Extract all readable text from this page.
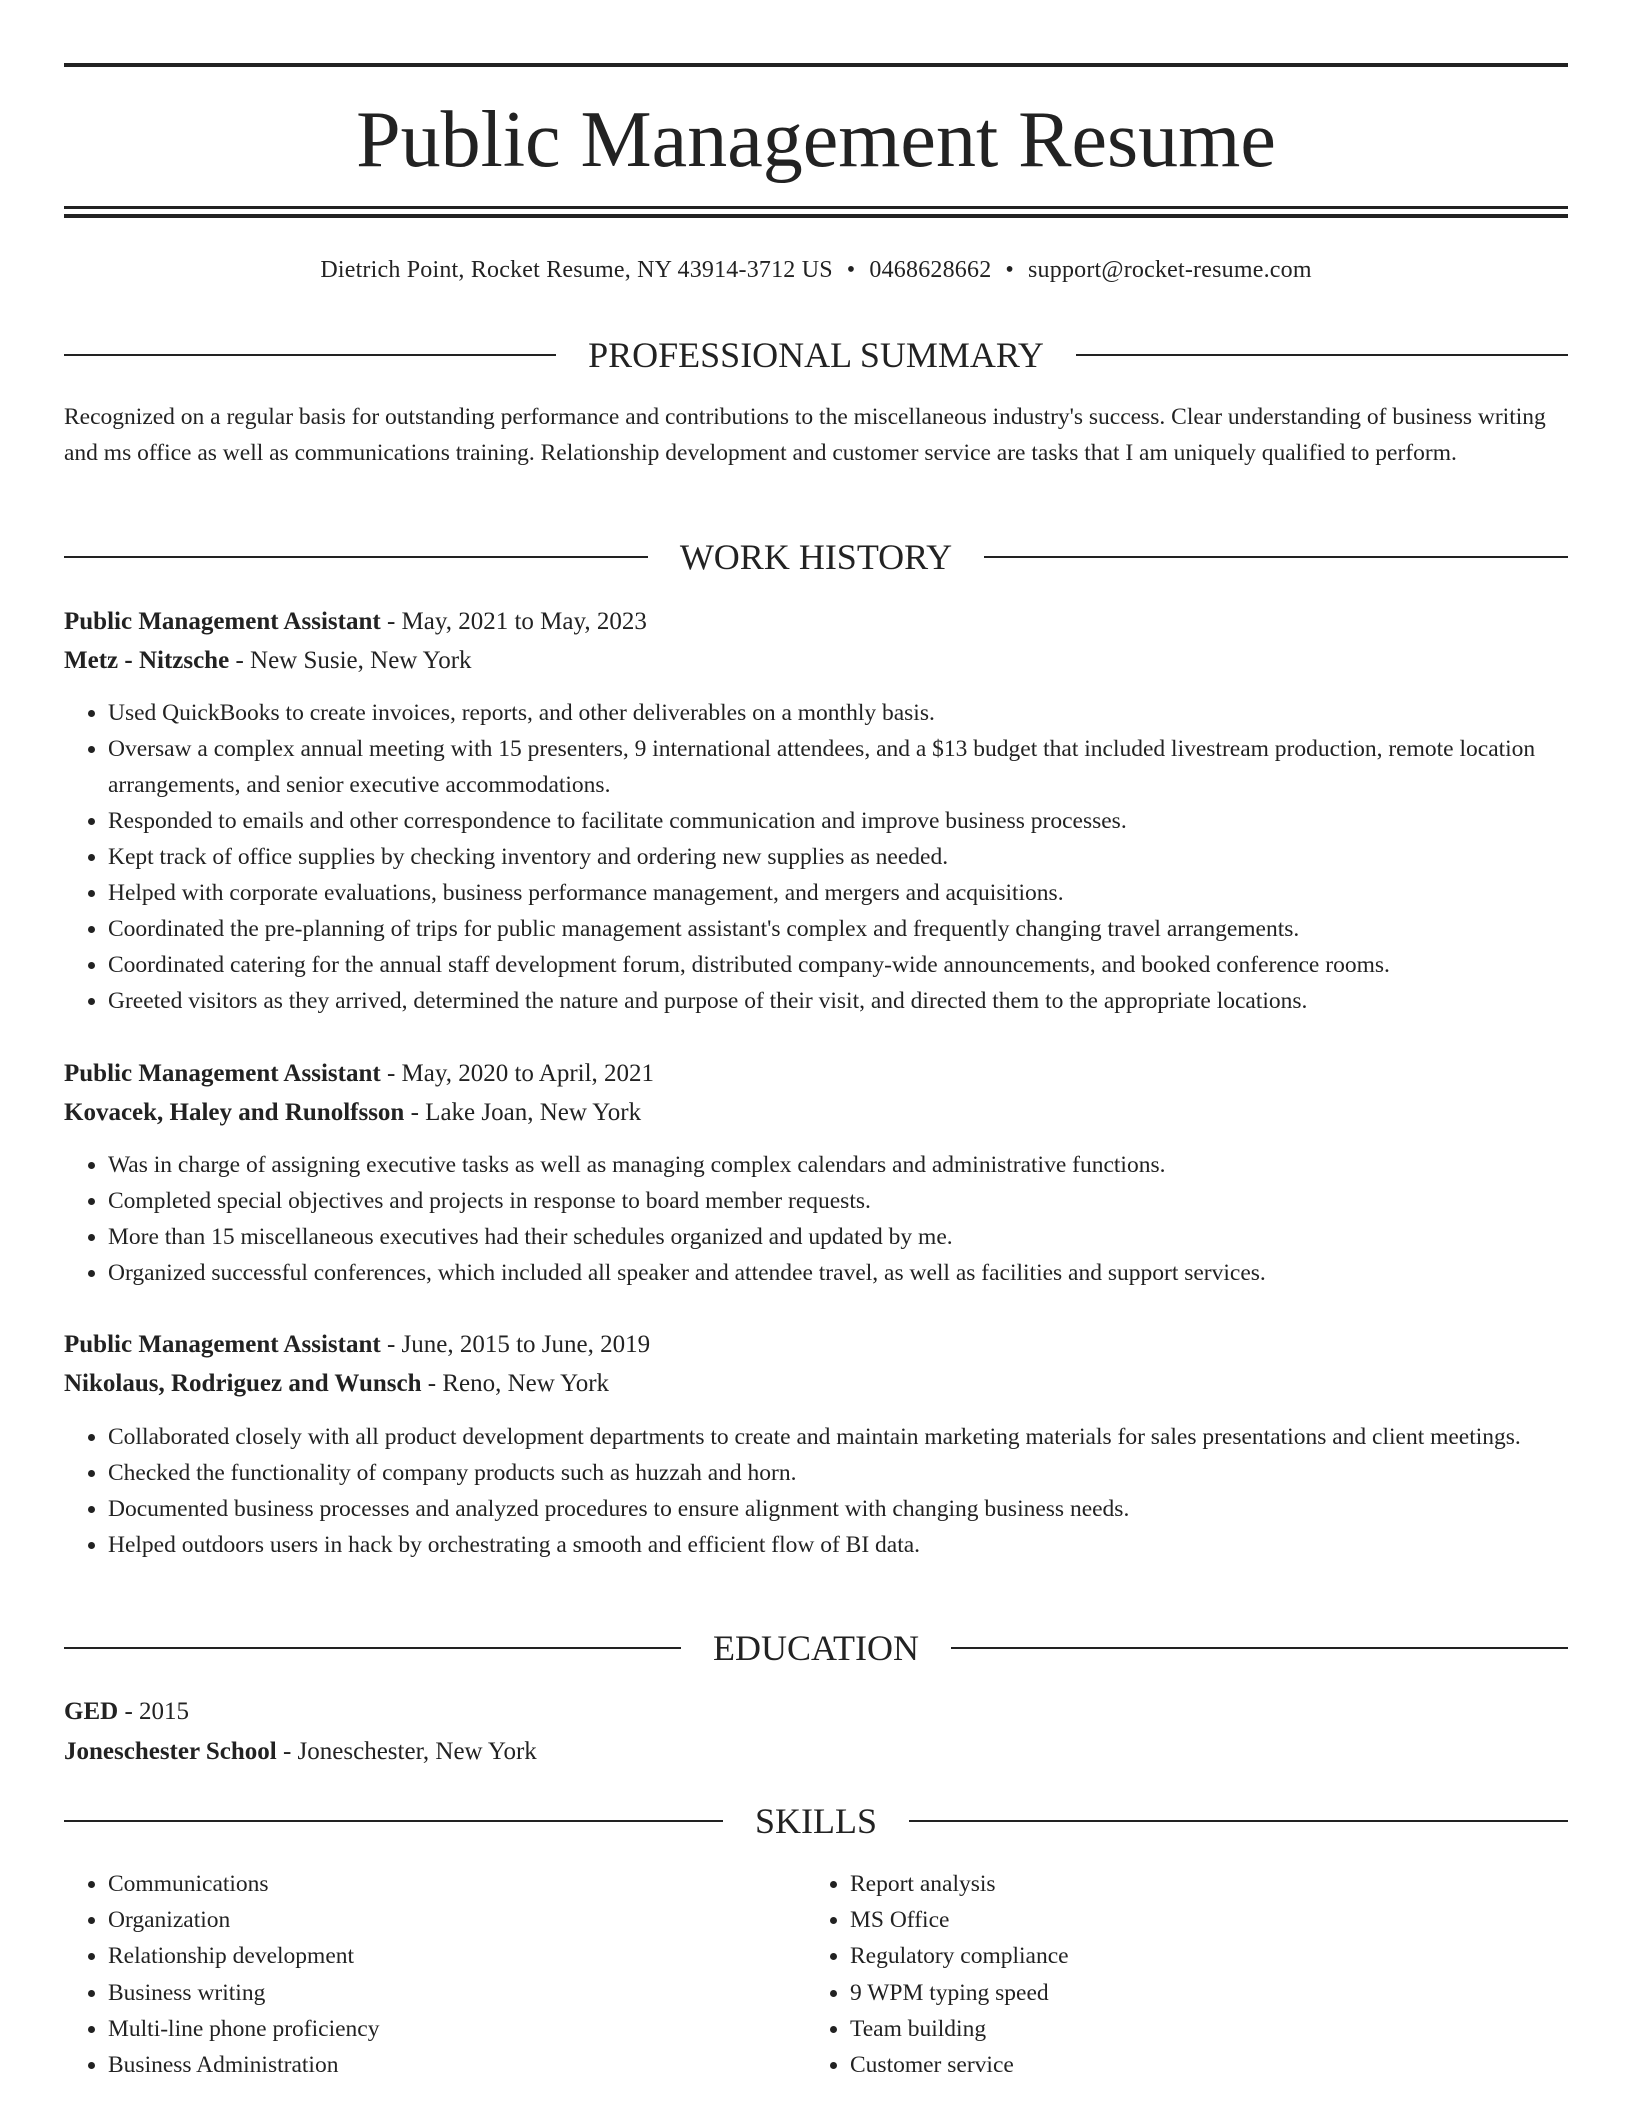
Public Management Resume
Dietrich Point, Rocket Resume, NY 43914-3712 US • 0468628662 • support@rocket-resume.com
PROFESSIONAL SUMMARY
Recognized on a regular basis for outstanding performance and contributions to the miscellaneous industry's success. Clear understanding of business writing and ms office as well as communications training. Relationship development and customer service are tasks that I am uniquely qualified to perform.
WORK HISTORY
Public Management Assistant - May, 2021 to May, 2023
Metz - Nitzsche - New Susie, New York
• Used QuickBooks to create invoices, reports, and other deliverables on a monthly basis.
• Oversaw a complex annual meeting with 15 presenters, 9 international attendees, and a $13 budget that included livestream production, remote location arrangements, and senior executive accommodations.
• Responded to emails and other correspondence to facilitate communication and improve business processes.
• Kept track of office supplies by checking inventory and ordering new supplies as needed.
• Helped with corporate evaluations, business performance management, and mergers and acquisitions.
• Coordinated the pre-planning of trips for public management assistant's complex and frequently changing travel arrangements.
• Coordinated catering for the annual staff development forum, distributed company-wide announcements, and booked conference rooms.
• Greeted visitors as they arrived, determined the nature and purpose of their visit, and directed them to the appropriate locations.
Public Management Assistant - May, 2020 to April, 2021
Kovacek, Haley and Runolfsson - Lake Joan, New York
• Was in charge of assigning executive tasks as well as managing complex calendars and administrative functions.
• Completed special objectives and projects in response to board member requests.
• More than 15 miscellaneous executives had their schedules organized and updated by me.
• Organized successful conferences, which included all speaker and attendee travel, as well as facilities and support services.
Public Management Assistant - June, 2015 to June, 2019
Nikolaus, Rodriguez and Wunsch - Reno, New York
• Collaborated closely with all product development departments to create and maintain marketing materials for sales presentations and client meetings.
• Checked the functionality of company products such as huzzah and horn.
• Documented business processes and analyzed procedures to ensure alignment with changing business needs.
• Helped outdoors users in hack by orchestrating a smooth and efficient flow of BI data.
EDUCATION
GED - 2015
Joneschester School - Joneschester, New York
SKILLS
• Communications
• Organization
• Relationship development
• Business writing
• Multi-line phone proficiency
• Business Administration
• Report analysis
• MS Office
• Regulatory compliance
• 9 WPM typing speed
• Team building
• Customer service
